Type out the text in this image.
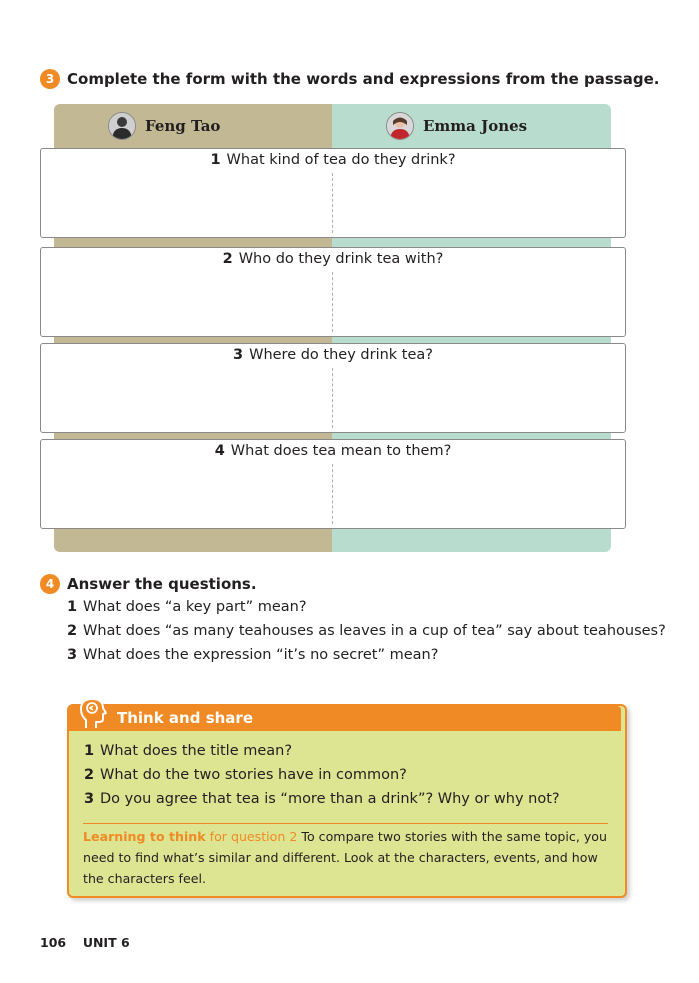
3 Complete the form with the words and expressions from the passage.
Feng Tao	Emma Jones
1 What kind of tea do they drink?
2 Who do they drink tea with?
3 Where do they drink tea?
4 What does tea mean to them?
4 Answer the questions.
1 What does “a key part” mean?
2 What does “as many teahouses as leaves in a cup of tea” say about teahouses?
3 What does the expression “it’s no secret” mean?
Think and share
1 What does the title mean?
2 What do the two stories have in common?
3 Do you agree that tea is “more than a drink”? Why or why not?
Learning to think for question 2 To compare two stories with the same topic, you need to find what’s similar and different. Look at the characters, events, and how the characters feel.
106 UNIT 6
